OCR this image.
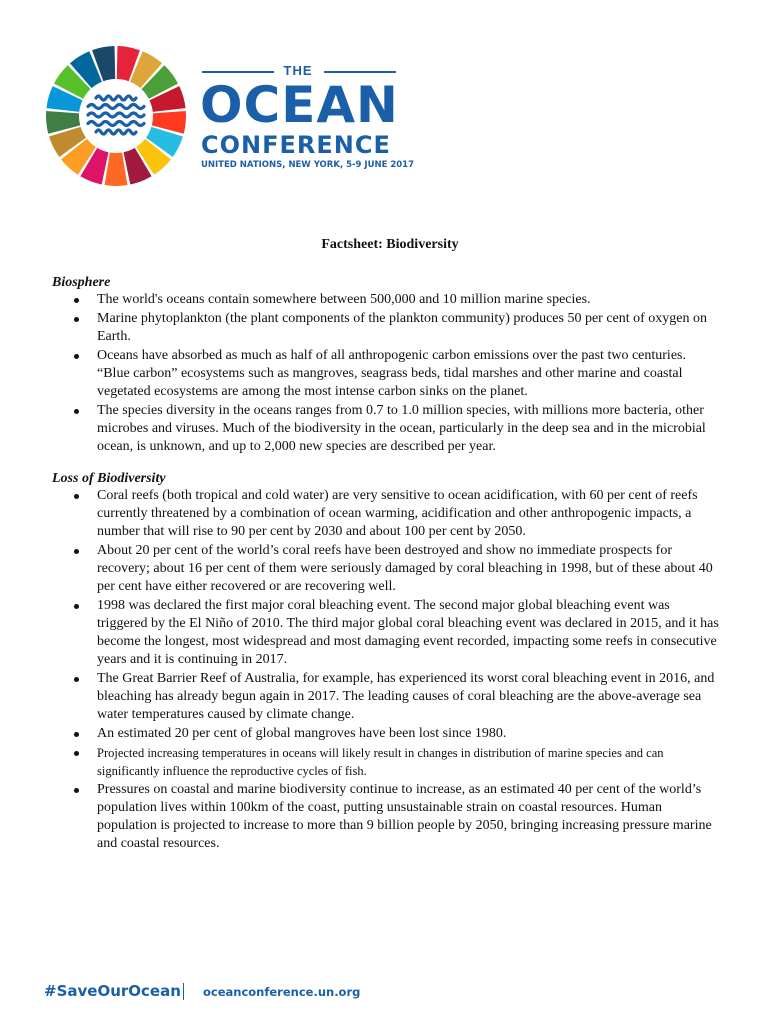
THE
OCEAN
CONFERENCE
UNITED NATIONS, NEW YORK, 5-9 JUNE 2017
Factsheet: Biodiversity
Biosphere
The world's oceans contain somewhere between 500,000 and 10 million marine species.
Marine phytoplankton (the plant components of the plankton community) produces 50 per cent of oxygen on Earth.
Oceans have absorbed as much as half of all anthropogenic carbon emissions over the past two centuries. “Blue carbon” ecosystems such as mangroves, seagrass beds, tidal marshes and other marine and coastal vegetated ecosystems are among the most intense carbon sinks on the planet.
The species diversity in the oceans ranges from 0.7 to 1.0 million species, with millions more bacteria, other microbes and viruses. Much of the biodiversity in the ocean, particularly in the deep sea and in the microbial ocean, is unknown, and up to 2,000 new species are described per year.
Loss of Biodiversity
Coral reefs (both tropical and cold water) are very sensitive to ocean acidification, with 60 per cent of reefs currently threatened by a combination of ocean warming, acidification and other anthropogenic impacts, a number that will rise to 90 per cent by 2030 and about 100 per cent by 2050.
About 20 per cent of the world’s coral reefs have been destroyed and show no immediate prospects for recovery; about 16 per cent of them were seriously damaged by coral bleaching in 1998, but of these about 40 per cent have either recovered or are recovering well.
1998 was declared the first major coral bleaching event. The second major global bleaching event was triggered by the El Niño of 2010. The third major global coral bleaching event was declared in 2015, and it has become the longest, most widespread and most damaging event recorded, impacting some reefs in consecutive years and it is continuing in 2017.
The Great Barrier Reef of Australia, for example, has experienced its worst coral bleaching event in 2016, and bleaching has already begun again in 2017. The leading causes of coral bleaching are the above-average sea water temperatures caused by climate change.
An estimated 20 per cent of global mangroves have been lost since 1980.
Projected increasing temperatures in oceans will likely result in changes in distribution of marine species and can significantly influence the reproductive cycles of fish.
Pressures on coastal and marine biodiversity continue to increase, as an estimated 40 per cent of the world’s population lives within 100km of the coast, putting unsustainable strain on coastal resources. Human population is projected to increase to more than 9 billion people by 2050, bringing increasing pressure marine and coastal resources.
#SaveOurOcean oceanconference.un.org
